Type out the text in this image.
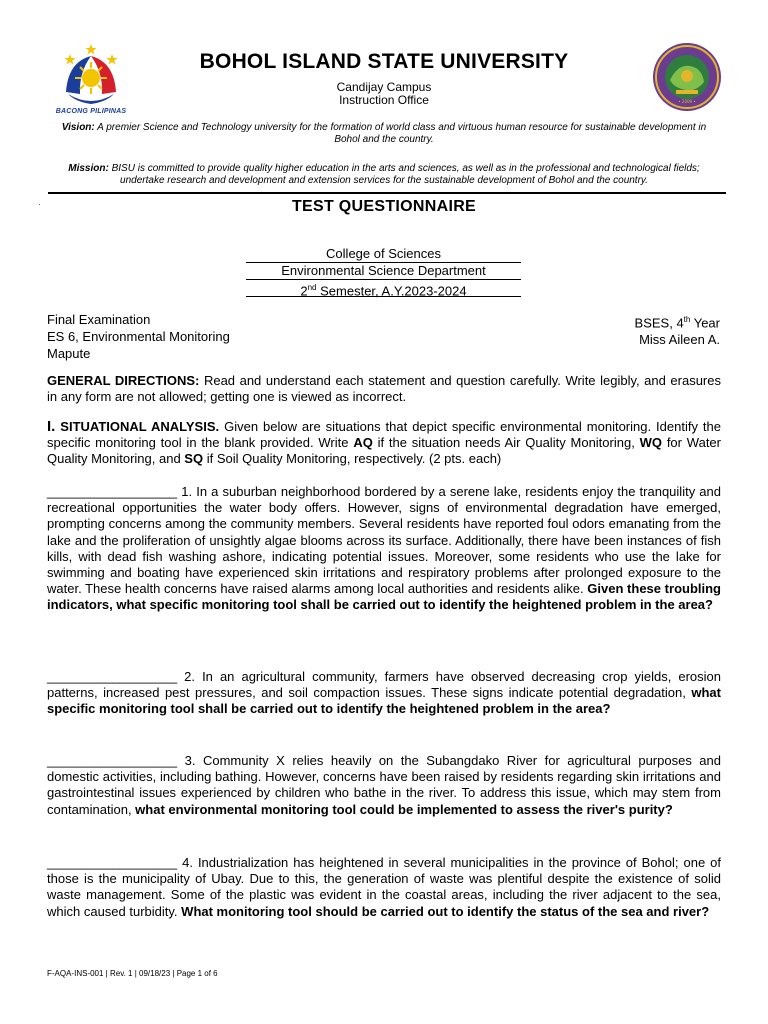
BACONG PILIPINAS
• 2009 •
BOHOL ISLAND STATE UNIVERSITY
Candijay Campus
Instruction Office
Vision: A premier Science and Technology university for the formation of world class and virtuous human resource for sustainable development in Bohol and the country.
Mission: BISU is committed to provide quality higher education in the arts and sciences, as well as in the professional and technological fields; undertake research and development and extension services for the sustainable development of Bohol and the country.
·	TEST QUESTIONNAIRE
College of Sciences
Environmental Science Department
2nd Semester, A.Y.2023-2024
Final Examination
ES 6, Environmental Monitoring
Mapute
BSES, 4th Year
Miss Aileen A.
GENERAL DIRECTIONS: Read and understand each statement and question carefully. Write legibly, and erasures in any form are not allowed; getting one is viewed as incorrect.
I. SITUATIONAL ANALYSIS. Given below are situations that depict specific environmental monitoring. Identify the specific monitoring tool in the blank provided. Write AQ if the situation needs Air Quality Monitoring, WQ for Water Quality Monitoring, and SQ if Soil Quality Monitoring, respectively. (2 pts. each)
__________________ 1. In a suburban neighborhood bordered by a serene lake, residents enjoy the tranquility and recreational opportunities the water body offers. However, signs of environmental degradation have emerged, prompting concerns among the community members. Several residents have reported foul odors emanating from the lake and the proliferation of unsightly algae blooms across its surface. Additionally, there have been instances of fish kills, with dead fish washing ashore, indicating potential issues. Moreover, some residents who use the lake for swimming and boating have experienced skin irritations and respiratory problems after prolonged exposure to the water. These health concerns have raised alarms among local authorities and residents alike. Given these troubling indicators, what specific monitoring tool shall be carried out to identify the heightened problem in the area?
__________________ 2. In an agricultural community, farmers have observed decreasing crop yields, erosion patterns, increased pest pressures, and soil compaction issues. These signs indicate potential degradation, what specific monitoring tool shall be carried out to identify the heightened problem in the area?
__________________ 3. Community X relies heavily on the Subangdako River for agricultural purposes and domestic activities, including bathing. However, concerns have been raised by residents regarding skin irritations and gastrointestinal issues experienced by children who bathe in the river. To address this issue, which may stem from contamination, what environmental monitoring tool could be implemented to assess the river's purity?
__________________ 4. Industrialization has heightened in several municipalities in the province of Bohol; one of those is the municipality of Ubay. Due to this, the generation of waste was plentiful despite the existence of solid waste management. Some of the plastic was evident in the coastal areas, including the river adjacent to the sea, which caused turbidity. What monitoring tool should be carried out to identify the status of the sea and river?
F-AQA-INS-001 | Rev. 1 | 09/18/23 | Page 1 of 6
